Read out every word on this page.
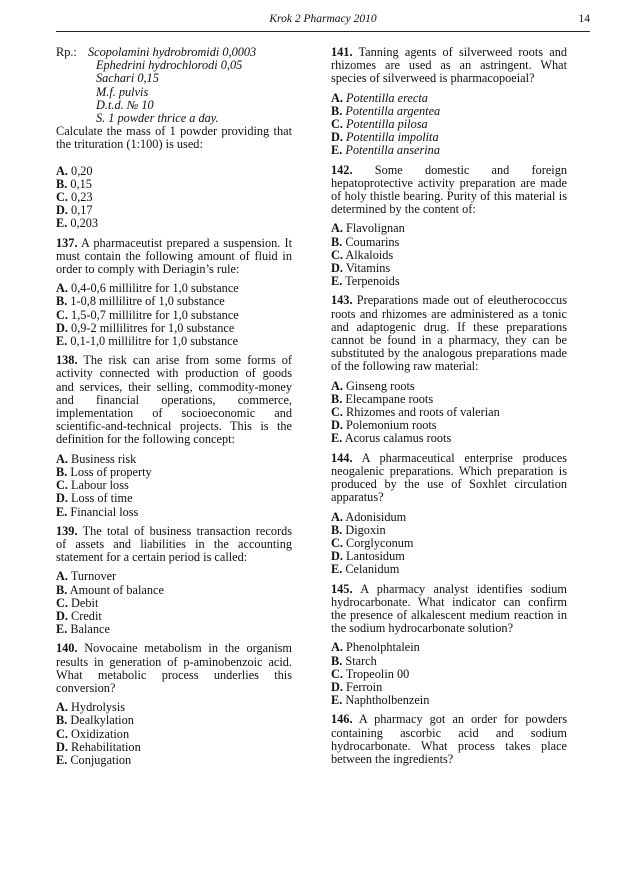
Krok 2 Pharmacy 2010	14
Rp.: Scopolamini hydrobromidi 0,0003
Ephedrini hydrochlorodi 0,05
Sachari 0,15
M.f. pulvis
D.t.d. № 10
S. 1 powder thrice a day.
Calculate the mass of 1 powder providing that the trituration (1:100) is used:
A. 0,20
B. 0,15
C. 0,23
D. 0,17
E. 0,203
137. A pharmaceutist prepared a suspension. It must contain the following amount of fluid in order to comply with Deriagin’s rule:
A. 0,4-0,6 millilitre for 1,0 substance
B. 1-0,8 millilitre of 1,0 substance
C. 1,5-0,7 millilitre for 1,0 substance
D. 0,9-2 millilitres for 1,0 substance
E. 0,1-1,0 millilitre for 1,0 substance
138. The risk can arise from some forms of activity connected with production of goods and services, their selling, commodity-money and financial operations, commerce, implementation of socioeconomic and scientific-and-technical projects. This is the definition for the following concept:
A. Business risk
B. Loss of property
C. Labour loss
D. Loss of time
E. Financial loss
139. The total of business transaction records of assets and liabilities in the accounting statement for a certain period is called:
A. Turnover
B. Amount of balance
C. Debit
D. Credit
E. Balance
140. Novocaine metabolism in the organism results in generation of p-aminobenzoic acid. What metabolic process underlies this conversion?
A. Hydrolysis
B. Dealkylation
C. Oxidization
D. Rehabilitation
E. Conjugation
141. Tanning agents of silverweed roots and rhizomes are used as an astringent. What species of silverweed is pharmacopoeial?
A. Potentilla erecta
B. Potentilla argentea
C. Potentilla pilosa
D. Potentilla impolita
E. Potentilla anserina
142. Some domestic and foreign hepatoprotective activity preparation are made of holy thistle bearing. Purity of this material is determined by the content of:
A. Flavolignan
B. Coumarins
C. Alkaloids
D. Vitamins
E. Terpenoids
143. Preparations made out of eleutherococcus roots and rhizomes are administered as a tonic and adaptogenic drug. If these preparations cannot be found in a pharmacy, they can be substituted by the analogous preparations made of the following raw material:
A. Ginseng roots
B. Elecampane roots
C. Rhizomes and roots of valerian
D. Polemonium roots
E. Acorus calamus roots
144. A pharmaceutical enterprise produces neogalenic preparations. Which preparation is produced by the use of Soxhlet circulation apparatus?
A. Adonisidum
B. Digoxin
C. Corglyconum
D. Lantosidum
E. Celanidum
145. A pharmacy analyst identifies sodium hydrocarbonate. What indicator can confirm the presence of alkalescent medium reaction in the sodium hydrocarbonate solution?
A. Phenolphtalein
B. Starch
C. Tropeolin 00
D. Ferroin
E. Naphtholbenzein
146. A pharmacy got an order for powders containing ascorbic acid and sodium hydrocarbonate. What process takes place between the ingredients?
